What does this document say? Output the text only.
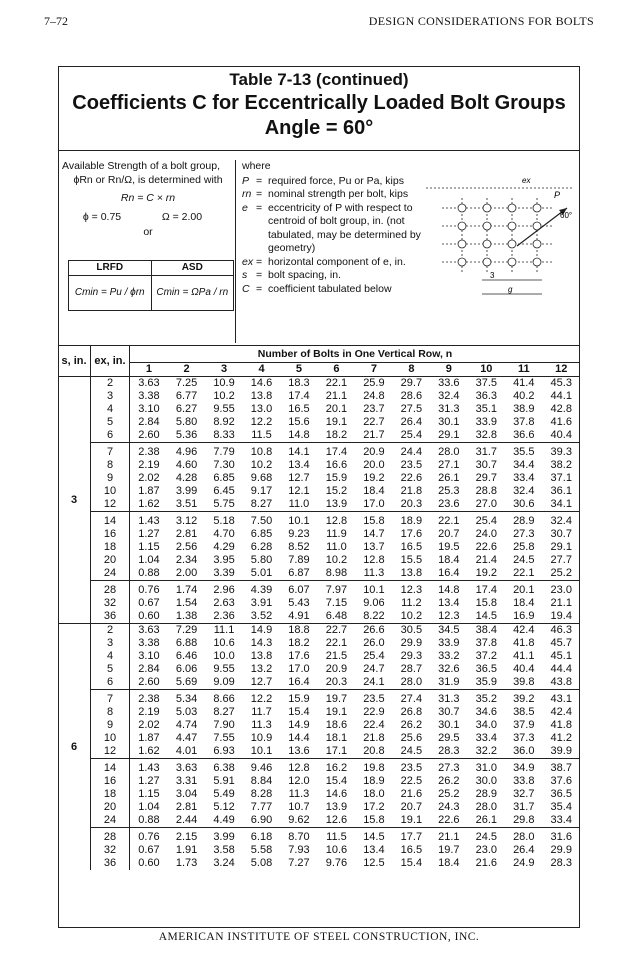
7–72	DESIGN CONSIDERATIONS FOR BOLTS
Table 7-13 (continued)
Coefficients C for Eccentrically Loaded Bolt Groups
Angle = 60°
Available Strength of a bolt group,
ϕRn or Rn/Ω, is determined with
Rn = C × rn
ϕ = 0.75	Ω = 2.00
or
LRFD	ASD
Cmin = Pu / ϕrn	Cmin = ΩPa / rn
where
P = required force, Pu or Pa, kips
rn = nominal strength per bolt, kips
e = eccentricity of P with respect to centroid of bolt group, in. (not tabulated, may be determined by geometry)
ex = horizontal component of e, in.
s = bolt spacing, in.
C = coefficient tabulated below
P
60°
ex
3
g
s, in.	ex, in.	Number of Bolts in One Vertical Row, n											
		1	2	3	4	5	6	7	8	9	10	11	12
3	2	3.63	7.25	10.9	14.6	18.3	22.1	25.9	29.7	33.6	37.5	41.4	45.3
	3	3.38	6.77	10.2	13.8	17.4	21.1	24.8	28.6	32.4	36.3	40.2	44.1
	4	3.10	6.27	9.55	13.0	16.5	20.1	23.7	27.5	31.3	35.1	38.9	42.8
	5	2.84	5.80	8.92	12.2	15.6	19.1	22.7	26.4	30.1	33.9	37.8	41.6
	6	2.60	5.36	8.33	11.5	14.8	18.2	21.7	25.4	29.1	32.8	36.6	40.4
	7	2.38	4.96	7.79	10.8	14.1	17.4	20.9	24.4	28.0	31.7	35.5	39.3
	8	2.19	4.60	7.30	10.2	13.4	16.6	20.0	23.5	27.1	30.7	34.4	38.2
	9	2.02	4.28	6.85	9.68	12.7	15.9	19.2	22.6	26.1	29.7	33.4	37.1
	10	1.87	3.99	6.45	9.17	12.1	15.2	18.4	21.8	25.3	28.8	32.4	36.1
	12	1.62	3.51	5.75	8.27	11.0	13.9	17.0	20.3	23.6	27.0	30.6	34.1
	14	1.43	3.12	5.18	7.50	10.1	12.8	15.8	18.9	22.1	25.4	28.9	32.4
	16	1.27	2.81	4.70	6.85	9.23	11.9	14.7	17.6	20.7	24.0	27.3	30.7
	18	1.15	2.56	4.29	6.28	8.52	11.0	13.7	16.5	19.5	22.6	25.8	29.1
	20	1.04	2.34	3.95	5.80	7.89	10.2	12.8	15.5	18.4	21.4	24.5	27.7
	24	0.88	2.00	3.39	5.01	6.87	8.98	11.3	13.8	16.4	19.2	22.1	25.2
	28	0.76	1.74	2.96	4.39	6.07	7.97	10.1	12.3	14.8	17.4	20.1	23.0
	32	0.67	1.54	2.63	3.91	5.43	7.15	9.06	11.2	13.4	15.8	18.4	21.1
	36	0.60	1.38	2.36	3.52	4.91	6.48	8.22	10.2	12.3	14.5	16.9	19.4
6	2	3.63	7.29	11.1	14.9	18.8	22.7	26.6	30.5	34.5	38.4	42.4	46.3
	3	3.38	6.88	10.6	14.3	18.2	22.1	26.0	29.9	33.9	37.8	41.8	45.7
	4	3.10	6.46	10.0	13.8	17.6	21.5	25.4	29.3	33.2	37.2	41.1	45.1
	5	2.84	6.06	9.55	13.2	17.0	20.9	24.7	28.7	32.6	36.5	40.4	44.4
	6	2.60	5.69	9.09	12.7	16.4	20.3	24.1	28.0	31.9	35.9	39.8	43.8
	7	2.38	5.34	8.66	12.2	15.9	19.7	23.5	27.4	31.3	35.2	39.2	43.1
	8	2.19	5.03	8.27	11.7	15.4	19.1	22.9	26.8	30.7	34.6	38.5	42.4
	9	2.02	4.74	7.90	11.3	14.9	18.6	22.4	26.2	30.1	34.0	37.9	41.8
	10	1.87	4.47	7.55	10.9	14.4	18.1	21.8	25.6	29.5	33.4	37.3	41.2
	12	1.62	4.01	6.93	10.1	13.6	17.1	20.8	24.5	28.3	32.2	36.0	39.9
	14	1.43	3.63	6.38	9.46	12.8	16.2	19.8	23.5	27.3	31.0	34.9	38.7
	16	1.27	3.31	5.91	8.84	12.0	15.4	18.9	22.5	26.2	30.0	33.8	37.6
	18	1.15	3.04	5.49	8.28	11.3	14.6	18.0	21.6	25.2	28.9	32.7	36.5
	20	1.04	2.81	5.12	7.77	10.7	13.9	17.2	20.7	24.3	28.0	31.7	35.4
	24	0.88	2.44	4.49	6.90	9.62	12.6	15.8	19.1	22.6	26.1	29.8	33.4
	28	0.76	2.15	3.99	6.18	8.70	11.5	14.5	17.7	21.1	24.5	28.0	31.6
	32	0.67	1.91	3.58	5.58	7.93	10.6	13.4	16.5	19.7	23.0	26.4	29.9
	36	0.60	1.73	3.24	5.08	7.27	9.76	12.5	15.4	18.4	21.6	24.9	28.3
AMERICAN INSTITUTE OF STEEL CONSTRUCTION, INC.
